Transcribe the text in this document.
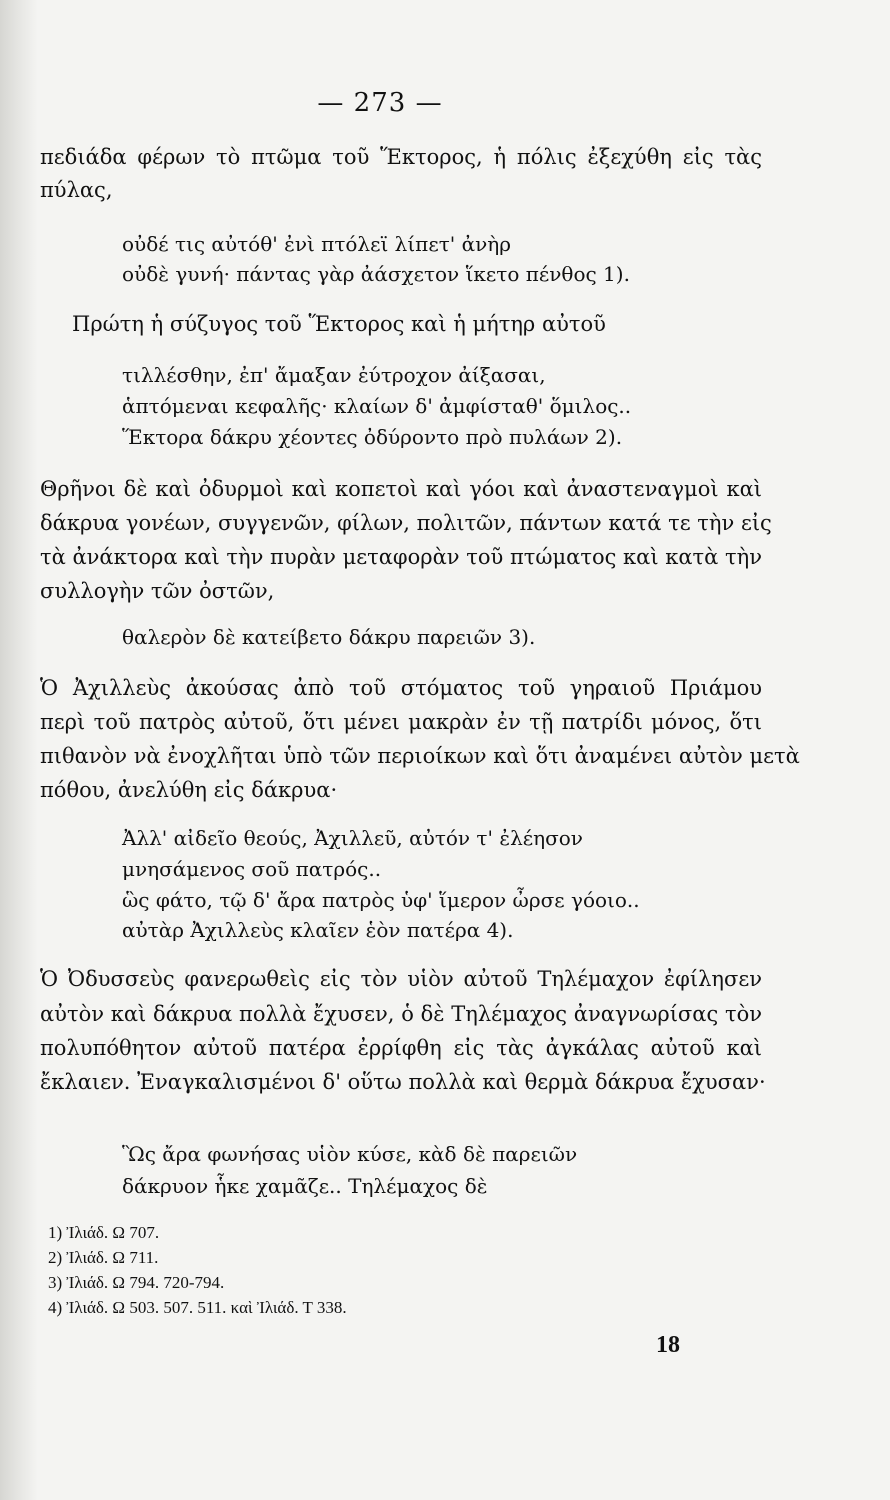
— 273 —
πεδιάδα φέρων τὸ πτῶμα τοῦ Ἕκτορος, ἡ πόλις ἐξεχύθη εἰς τὰς
πύλας,
οὐδέ τις αὐτόθ' ἐνὶ πτόλεϊ λίπετ' ἀνὴρ
οὐδὲ γυνή· πάντας γὰρ ἀάσχετον ἵκετο πένθος 1).
Πρώτη ἡ σύζυγος τοῦ Ἕκτορος καὶ ἡ μήτηρ αὐτοῦ
τιλλέσθην, ἐπ' ἄμαξαν ἐύτροχον ἀίξασαι,
ἁπτόμεναι κεφαλῆς· κλαίων δ' ἀμφίσταθ' ὅμιλος..
Ἕκτορα δάκρυ χέοντες ὀδύροντο πρὸ πυλάων 2).
Θρῆνοι δὲ καὶ ὀδυρμοὶ καὶ κοπετοὶ καὶ γόοι καὶ ἀναστεναγμοὶ καὶ
δάκρυα γονέων, συγγενῶν, φίλων, πολιτῶν, πάντων κατά τε τὴν εἰς
τὰ ἀνάκτορα καὶ τὴν πυρὰν μεταφορὰν τοῦ πτώματος καὶ κατὰ τὴν
συλλογὴν τῶν ὀστῶν,
θαλερὸν δὲ κατείβετο δάκρυ παρειῶν 3).
Ὁ Ἀχιλλεὺς ἀκούσας ἀπὸ τοῦ στόματος τοῦ γηραιοῦ Πριάμου
περὶ τοῦ πατρὸς αὐτοῦ, ὅτι μένει μακρὰν ἐν τῇ πατρίδι μόνος, ὅτι
πιθανὸν νὰ ἐνοχλῆται ὑπὸ τῶν περιοίκων καὶ ὅτι ἀναμένει αὐτὸν μετὰ
πόθου, ἀνελύθη εἰς δάκρυα·
Ἀλλ' αἰδεῖο θεούς, Ἀχιλλεῦ, αὐτόν τ' ἐλέησον
μνησάμενος σοῦ πατρός..
ὣς φάτο, τῷ δ' ἄρα πατρὸς ὑφ' ἵμερον ὦρσε γόοιο..
αὐτὰρ Ἀχιλλεὺς κλαῖεν ἑὸν πατέρα 4).
Ὁ Ὀδυσσεὺς φανερωθεὶς εἰς τὸν υἱὸν αὐτοῦ Τηλέμαχον ἐφίλησεν
αὐτὸν καὶ δάκρυα πολλὰ ἔχυσεν, ὁ δὲ Τηλέμαχος ἀναγνωρίσας τὸν
πολυπόθητον αὐτοῦ πατέρα ἐρρίφθη εἰς τὰς ἀγκάλας αὐτοῦ καὶ
ἔκλαιεν. Ἐναγκαλισμένοι δ' οὕτω πολλὰ καὶ θερμὰ δάκρυα ἔχυσαν·
Ὣς ἄρα φωνήσας υἱὸν κύσε, κὰδ δὲ παρειῶν
δάκρυον ἧκε χαμᾶζε.. Τηλέμαχος δὲ
1) Ἰλιάδ. Ω 707.
2) Ἰλιάδ. Ω 711.
3) Ἰλιάδ. Ω 794. 720-794.
4) Ἰλιάδ. Ω 503. 507. 511. καὶ Ἰλιάδ. Τ 338.
18
